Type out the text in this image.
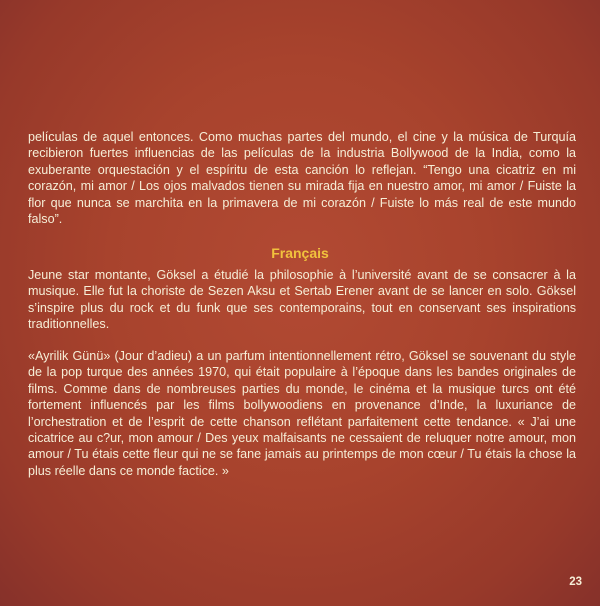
películas de aquel entonces. Como muchas partes del mundo, el cine y la música de Turquía recibieron fuertes influencias de las películas de la industria Bollywood de la India, como la exuberante orquestación y el espíritu de esta canción lo reflejan. “Tengo una cicatriz en mi corazón, mi amor / Los ojos malvados tienen su mirada fija en nuestro amor, mi amor / Fuiste la flor que nunca se marchita en la primavera de mi corazón / Fuiste lo más real de este mundo falso”.

Français

Jeune star montante, Göksel a étudié la philosophie à l’université avant de se consacrer à la musique. Elle fut la choriste de Sezen Aksu et Sertab Erener avant de se lancer en solo. Göksel s’inspire plus du rock et du funk que ses contemporains, tout en conservant ses inspirations traditionnelles.

«Ayrilik Günü» (Jour d’adieu) a un parfum intentionnellement rétro, Göksel se souvenant du style de la pop turque des années 1970, qui était populaire à l’époque dans les bandes originales de films. Comme dans de nombreuses parties du monde, le cinéma et la musique turcs ont été fortement influencés par les films bollywoodiens en provenance d’Inde, la luxuriance de l’orchestration et de l’esprit de cette chanson reflétant parfaitement cette tendance. « J’ai une cicatrice au c?ur, mon amour / Des yeux malfaisants ne cessaient de reluquer notre amour, mon amour / Tu étais cette fleur qui ne se fane jamais au printemps de mon cœur / Tu étais la chose la plus réelle dans ce monde factice. »

23
